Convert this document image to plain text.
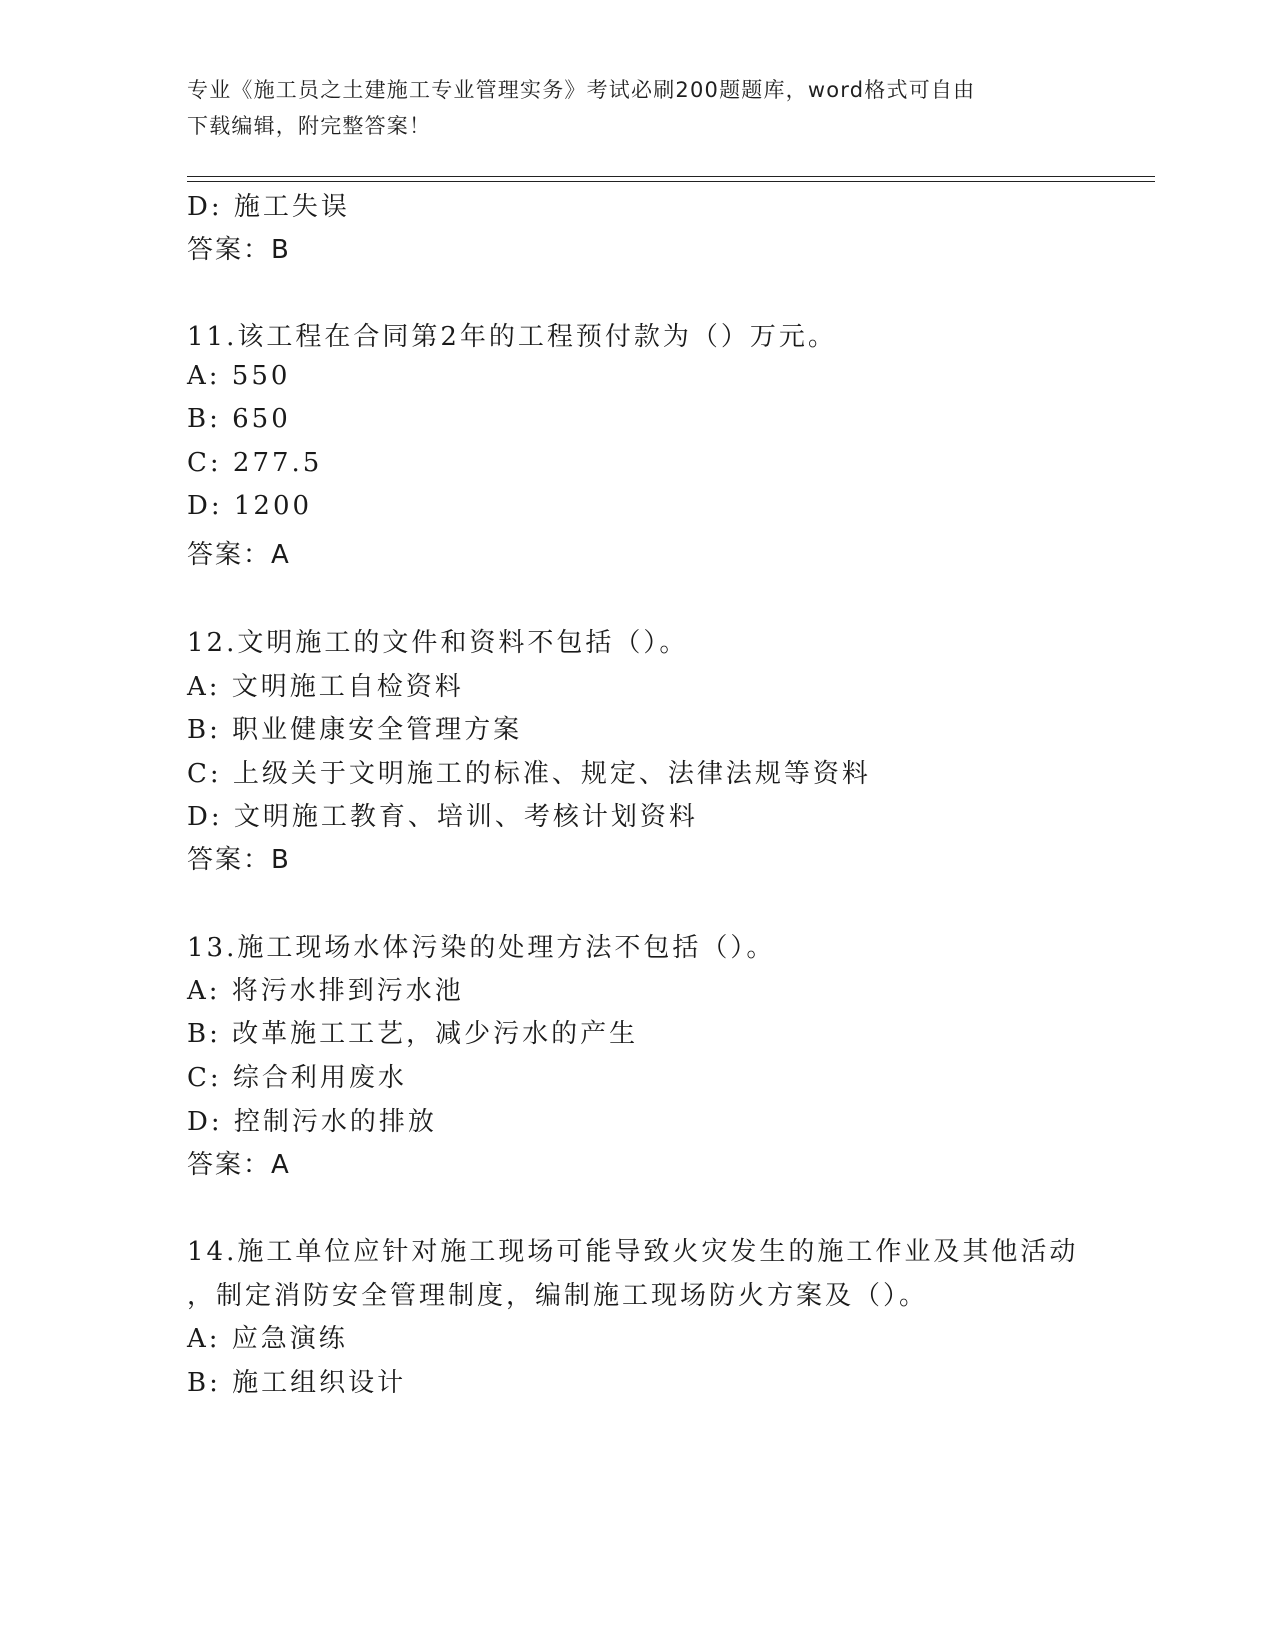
专业《施工员之土建施工专业管理实务》考试必刷200题题库，word格式可自由
下载编辑，附完整答案！
D: 施工失误
答案：B
11.该工程在合同第2年的工程预付款为（）万元。
A: 550
B: 650
C: 277.5
D: 1200
答案：A
12.文明施工的文件和资料不包括（）。
A: 文明施工自检资料
B: 职业健康安全管理方案
C: 上级关于文明施工的标准、规定、法律法规等资料
D: 文明施工教育、培训、考核计划资料
答案：B
13.施工现场水体污染的处理方法不包括（）。
A: 将污水排到污水池
B: 改革施工工艺，减少污水的产生
C: 综合利用废水
D: 控制污水的排放
答案：A
14.施工单位应针对施工现场可能导致火灾发生的施工作业及其他活动
，制定消防安全管理制度，编制施工现场防火方案及（）。
A: 应急演练
B: 施工组织设计
